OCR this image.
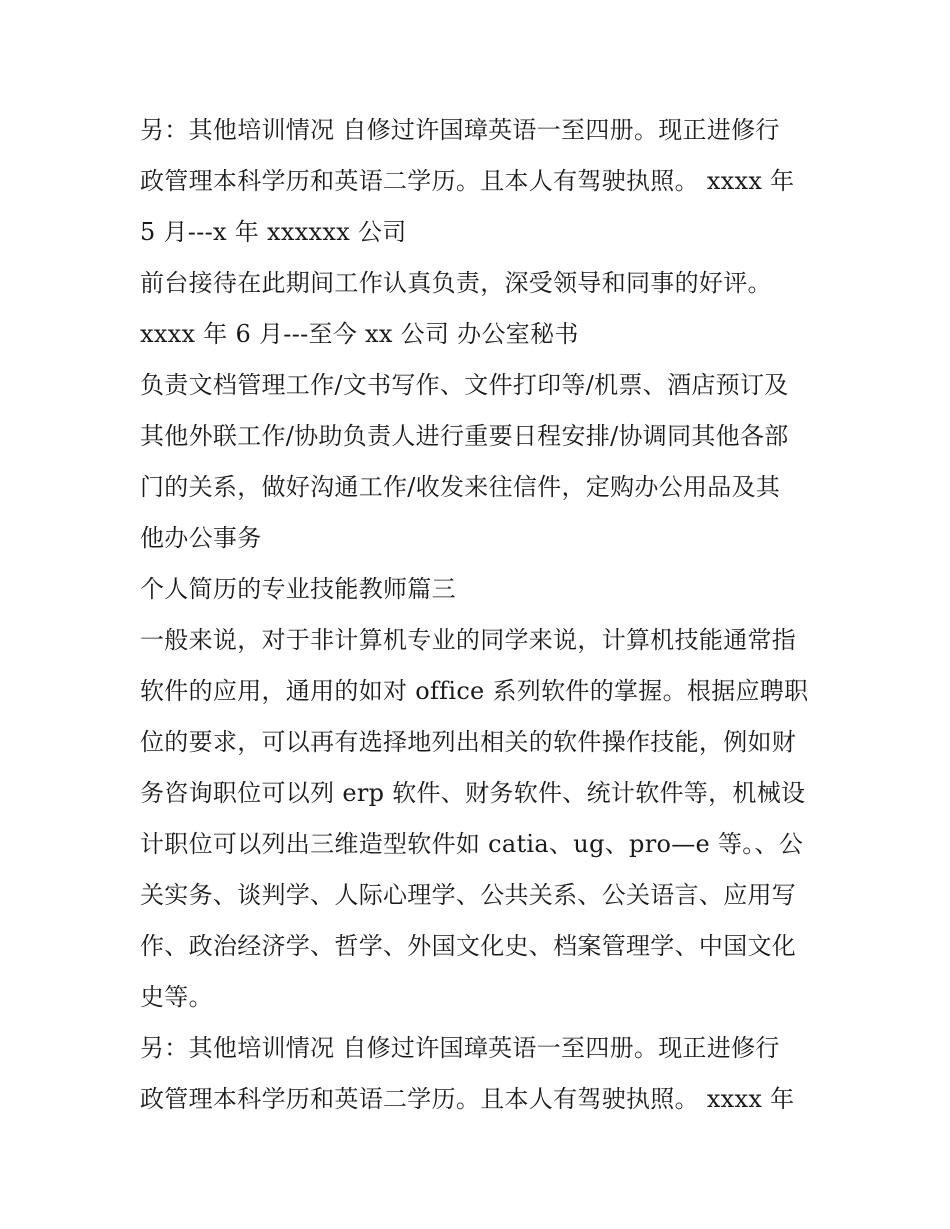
另：其他培训情况 自修过许国璋英语一至四册。现正进修行
政管理本科学历和英语二学历。且本人有驾驶执照。 xxxx 年
5 月---x 年 xxxxxx 公司
前台接待在此期间工作认真负责，深受领导和同事的好评。
xxxx 年 6 月---至今 xx 公司 办公室秘书
负责文档管理工作/文书写作、文件打印等/机票、酒店预订及
其他外联工作/协助负责人进行重要日程安排/协调同其他各部
门的关系，做好沟通工作/收发来往信件，定购办公用品及其
他办公事务
个人简历的专业技能教师篇三
一般来说，对于非计算机专业的同学来说，计算机技能通常指
软件的应用，通用的如对 office 系列软件的掌握。根据应聘职
位的要求，可以再有选择地列出相关的软件操作技能，例如财
务咨询职位可以列 erp 软件、财务软件、统计软件等，机械设
计职位可以列出三维造型软件如 catia、ug、pro—e 等。、公
关实务、谈判学、人际心理学、公共关系、公关语言、应用写
作、政治经济学、哲学、外国文化史、档案管理学、中国文化
史等。
另：其他培训情况 自修过许国璋英语一至四册。现正进修行
政管理本科学历和英语二学历。且本人有驾驶执照。 xxxx 年
